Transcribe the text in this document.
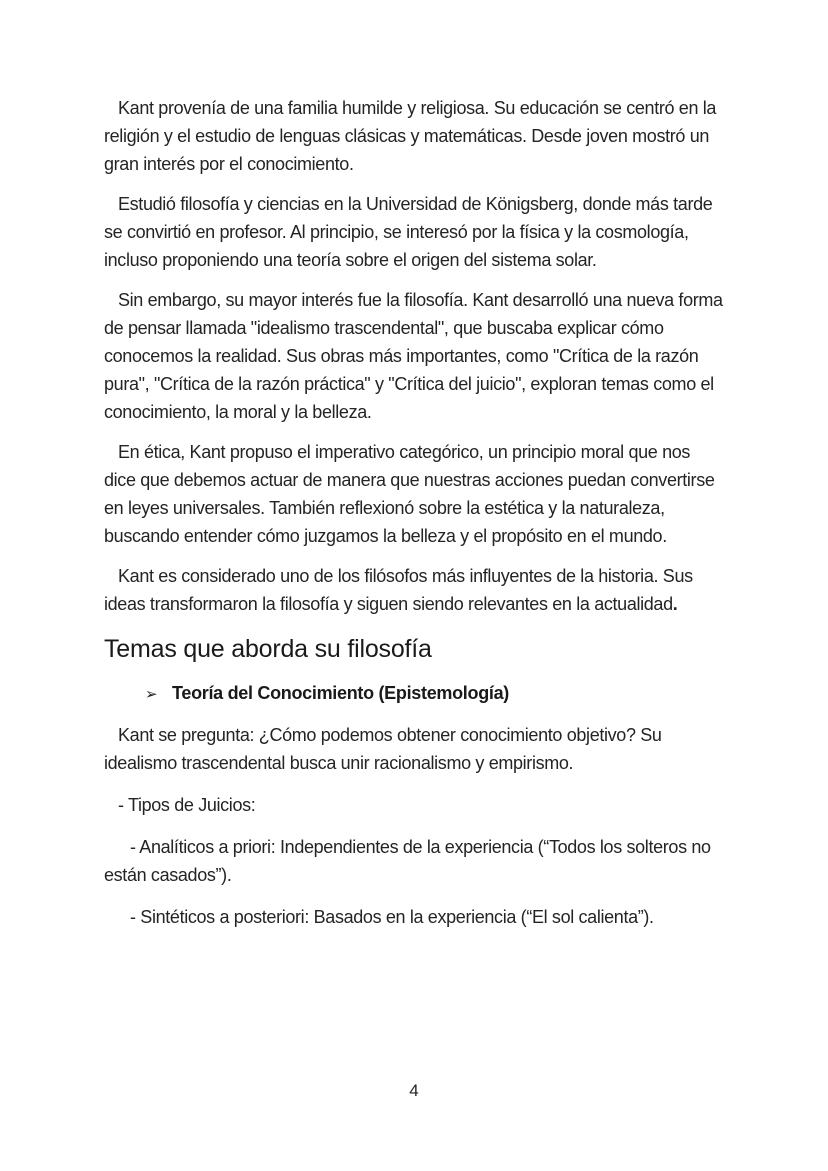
Kant provenía de una familia humilde y religiosa. Su educación se centró en la religión y el estudio de lenguas clásicas y matemáticas. Desde joven mostró un gran interés por el conocimiento.

Estudió filosofía y ciencias en la Universidad de Königsberg, donde más tarde se convirtió en profesor. Al principio, se interesó por la física y la cosmología, incluso proponiendo una teoría sobre el origen del sistema solar.

Sin embargo, su mayor interés fue la filosofía. Kant desarrolló una nueva forma de pensar llamada "idealismo trascendental", que buscaba explicar cómo conocemos la realidad. Sus obras más importantes, como "Crítica de la razón pura", "Crítica de la razón práctica" y "Crítica del juicio", exploran temas como el conocimiento, la moral y la belleza.

En ética, Kant propuso el imperativo categórico, un principio moral que nos dice que debemos actuar de manera que nuestras acciones puedan convertirse en leyes universales. También reflexionó sobre la estética y la naturaleza, buscando entender cómo juzgamos la belleza y el propósito en el mundo.

Kant es considerado uno de los filósofos más influyentes de la historia. Sus ideas transformaron la filosofía y siguen siendo relevantes en la actualidad.

Temas que aborda su filosofía
➢ Teoría del Conocimiento (Epistemología)

Kant se pregunta: ¿Cómo podemos obtener conocimiento objetivo? Su idealismo trascendental busca unir racionalismo y empirismo.

- Tipos de Juicios:

- Analíticos a priori: Independientes de la experiencia (“Todos los solteros no están casados”).

- Sintéticos a posteriori: Basados en la experiencia (“El sol calienta”).

4
